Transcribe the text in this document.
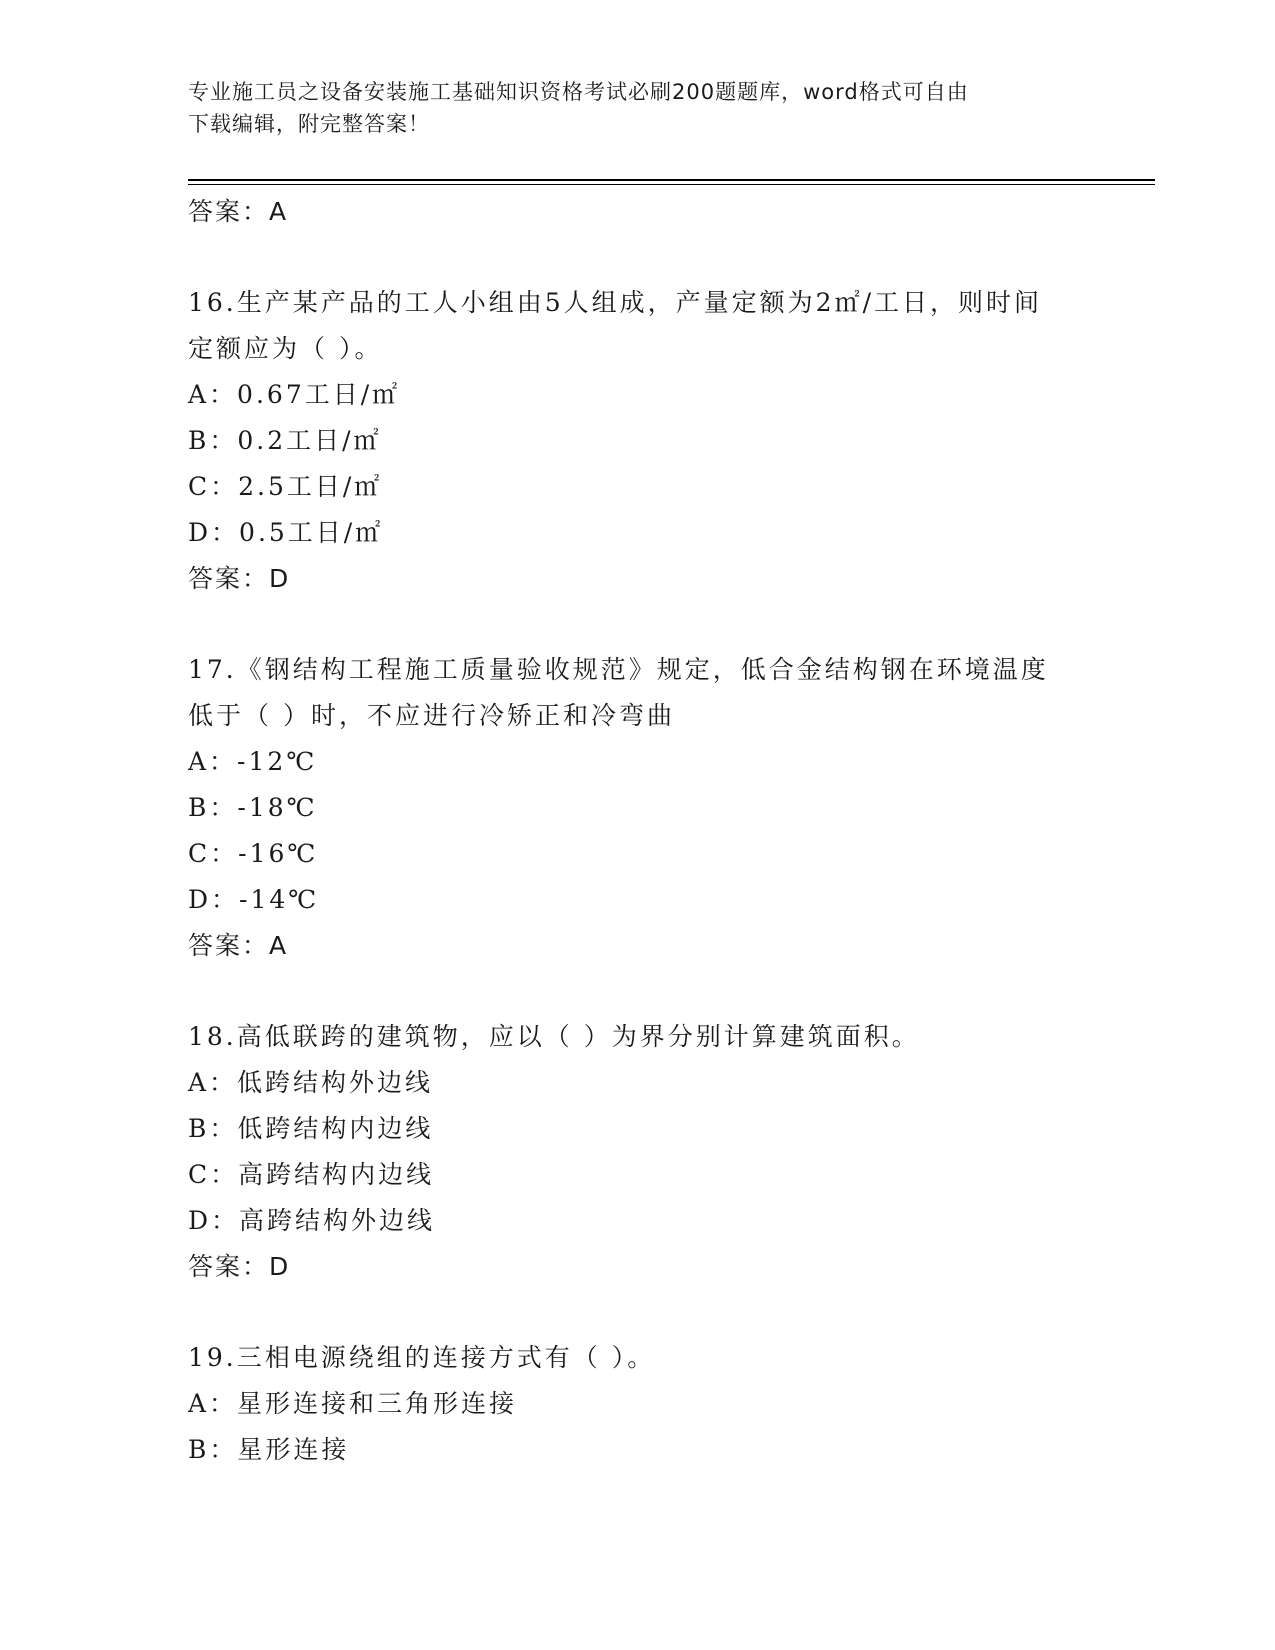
专业施工员之设备安装施工基础知识资格考试必刷200题题库，word格式可自由
下载编辑，附完整答案！
答案：A
16.生产某产品的工人小组由5人组成，产量定额为2㎡/工日，则时间
定额应为（ ）。
A：0.67工日/㎡
B：0.2工日/㎡
C：2.5工日/㎡
D：0.5工日/㎡
答案：D
17.《钢结构工程施工质量验收规范》规定，低合金结构钢在环境温度
低于（ ）时，不应进行冷矫正和冷弯曲
A：-12℃
B：-18℃
C：-16℃
D：-14℃
答案：A
18.高低联跨的建筑物，应以（ ）为界分别计算建筑面积。
A：低跨结构外边线
B：低跨结构内边线
C：高跨结构内边线
D：高跨结构外边线
答案：D
19.三相电源绕组的连接方式有（ ）。
A：星形连接和三角形连接
B：星形连接
